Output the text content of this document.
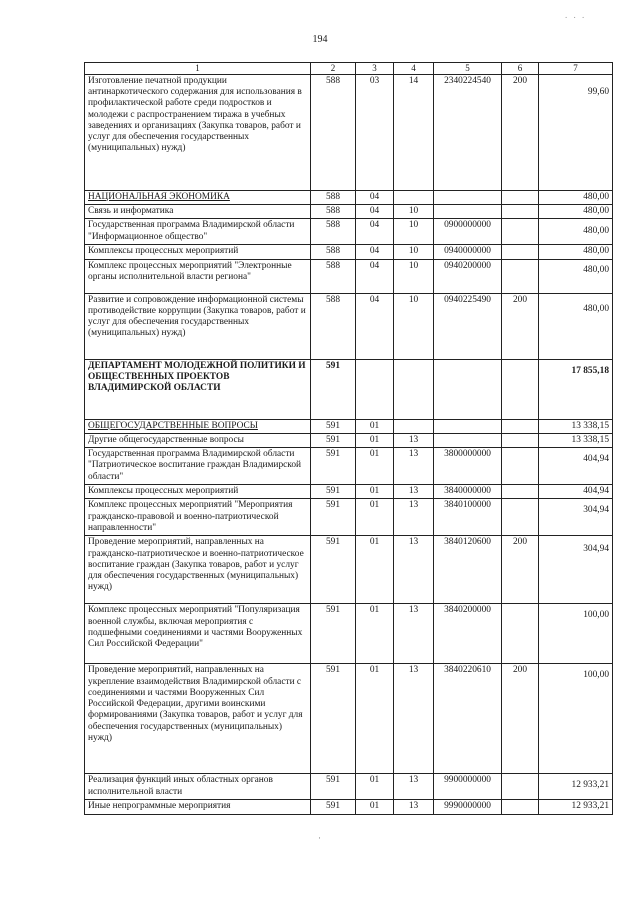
. . .
194
1	2	3	4	5	6	7
Изготовление печатной продукции антинаркотического содержания для использования в профилактической работе среди подростков и молодежи с распространением тиража в учебных заведениях и организациях (Закупка товаров, работ и услуг для обеспечения государственных (муниципальных) нужд)	588	03	14	2340224540	200	99,60
НАЦИОНАЛЬНАЯ ЭКОНОМИКА	588	04				480,00
Связь и информатика	588	04	10			480,00
Государственная программа Владимирской области "Информационное общество"	588	04	10	0900000000		480,00
Комплексы процессных мероприятий	588	04	10	0940000000		480,00
Комплекс процессных мероприятий "Электронные органы исполнительной власти региона"	588	04	10	0940200000		480,00
Развитие и сопровождение информационной системы противодействие коррупции (Закупка товаров, работ и услуг для обеспечения государственных (муниципальных) нужд)	588	04	10	0940225490	200	480,00
ДЕПАРТАМЕНТ МОЛОДЕЖНОЙ ПОЛИТИКИ И ОБЩЕСТВЕННЫХ ПРОЕКТОВ ВЛАДИМИРСКОЙ ОБЛАСТИ	591					17 855,18
ОБЩЕГОСУДАРСТВЕННЫЕ ВОПРОСЫ	591	01				13 338,15
Другие общегосударственные вопросы	591	01	13			13 338,15
Государственная программа Владимирской области "Патриотическое воспитание граждан Владимирской области"	591	01	13	3800000000		404,94
Комплексы процессных мероприятий	591	01	13	3840000000		404,94
Комплекс процессных мероприятий "Мероприятия гражданско-правовой и военно-патриотической направленности"	591	01	13	3840100000		304,94
Проведение мероприятий, направленных на гражданско-патриотическое и военно-патриотическое воспитание граждан (Закупка товаров, работ и услуг для обеспечения государственных (муниципальных) нужд)	591	01	13	3840120600	200	304,94
Комплекс процессных мероприятий "Популяризация военной службы, включая мероприятия с подшефными соединениями и частями Вооруженных Сил Российской Федерации"	591	01	13	3840200000		100,00
Проведение мероприятий, направленных на укрепление взаимодействия Владимирской области с соединениями и частями Вооруженных Сил Российской Федерации, другими воинскими формированиями (Закупка товаров, работ и услуг для обеспечения государственных (муниципальных) нужд)	591	01	13	3840220610	200	100,00
Реализация функций иных областных органов исполнительной власти	591	01	13	9900000000		12 933,21
Иные непрограммные мероприятия	591	01	13	9990000000		12 933,21
·
